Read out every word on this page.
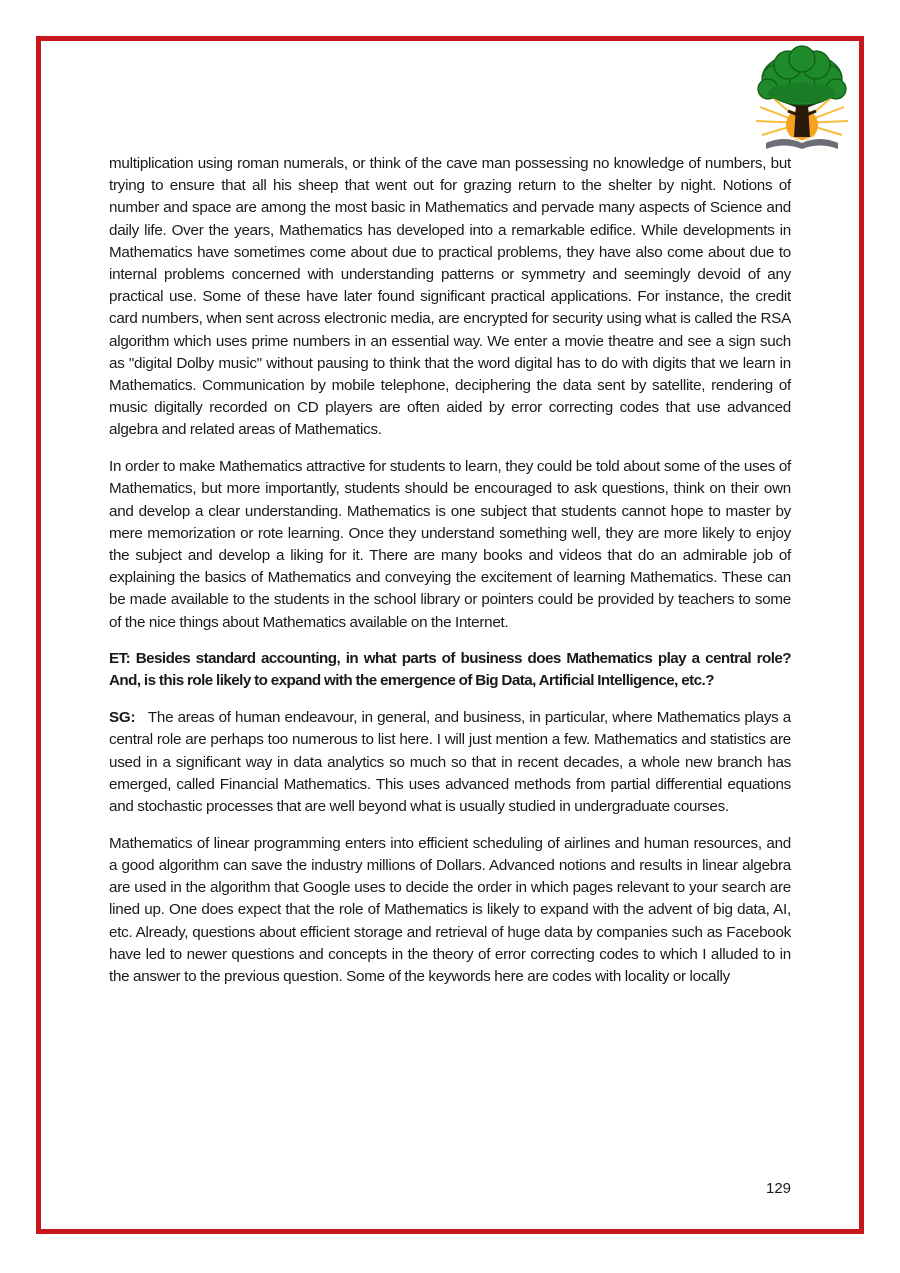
multiplication using roman numerals, or think of the cave man possessing no knowledge of numbers, but trying to ensure that all his sheep that went out for grazing return to the shelter by night. Notions of number and space are among the most basic in Mathematics and pervade many aspects of Science and daily life. Over the years, Mathematics has developed into a remarkable edifice. While developments in Mathematics have sometimes come about due to practical problems, they have also come about due to internal problems concerned with understanding patterns or symmetry and seemingly devoid of any practical use. Some of these have later found significant practical applications. For instance, the credit card numbers, when sent across electronic media, are encrypted for security using what is called the RSA algorithm which uses prime numbers in an essential way. We enter a movie theatre and see a sign such as "digital Dolby music" without pausing to think that the word digital has to do with digits that we learn in Mathematics. Communication by mobile telephone, deciphering the data sent by satellite, rendering of music digitally recorded on CD players are often aided by error correcting codes that use advanced algebra and related areas of Mathematics.

In order to make Mathematics attractive for students to learn, they could be told about some of the uses of Mathematics, but more importantly, students should be encouraged to ask questions, think on their own and develop a clear understanding. Mathematics is one subject that students cannot hope to master by mere memorization or rote learning. Once they understand something well, they are more likely to enjoy the subject and develop a liking for it. There are many books and videos that do an admirable job of explaining the basics of Mathematics and conveying the excitement of learning Mathematics. These can be made available to the students in the school library or pointers could be provided by teachers to some of the nice things about Mathematics available on the Internet.

ET: Besides standard accounting, in what parts of business does Mathematics play a central role? And, is this role likely to expand with the emergence of Big Data, Artificial Intelligence, etc.?

SG: The areas of human endeavour, in general, and business, in particular, where Mathematics plays a central role are perhaps too numerous to list here. I will just mention a few. Mathematics and statistics are used in a significant way in data analytics so much so that in recent decades, a whole new branch has emerged, called Financial Mathematics. This uses advanced methods from partial differential equations and stochastic processes that are well beyond what is usually studied in undergraduate courses.

Mathematics of linear programming enters into efficient scheduling of airlines and human resources, and a good algorithm can save the industry millions of Dollars. Advanced notions and results in linear algebra are used in the algorithm that Google uses to decide the order in which pages relevant to your search are lined up. One does expect that the role of Mathematics is likely to expand with the advent of big data, AI, etc. Already, questions about efficient storage and retrieval of huge data by companies such as Facebook have led to newer questions and concepts in the theory of error correcting codes to which I alluded to in the answer to the previous question. Some of the keywords here are codes with locality or locally

129
